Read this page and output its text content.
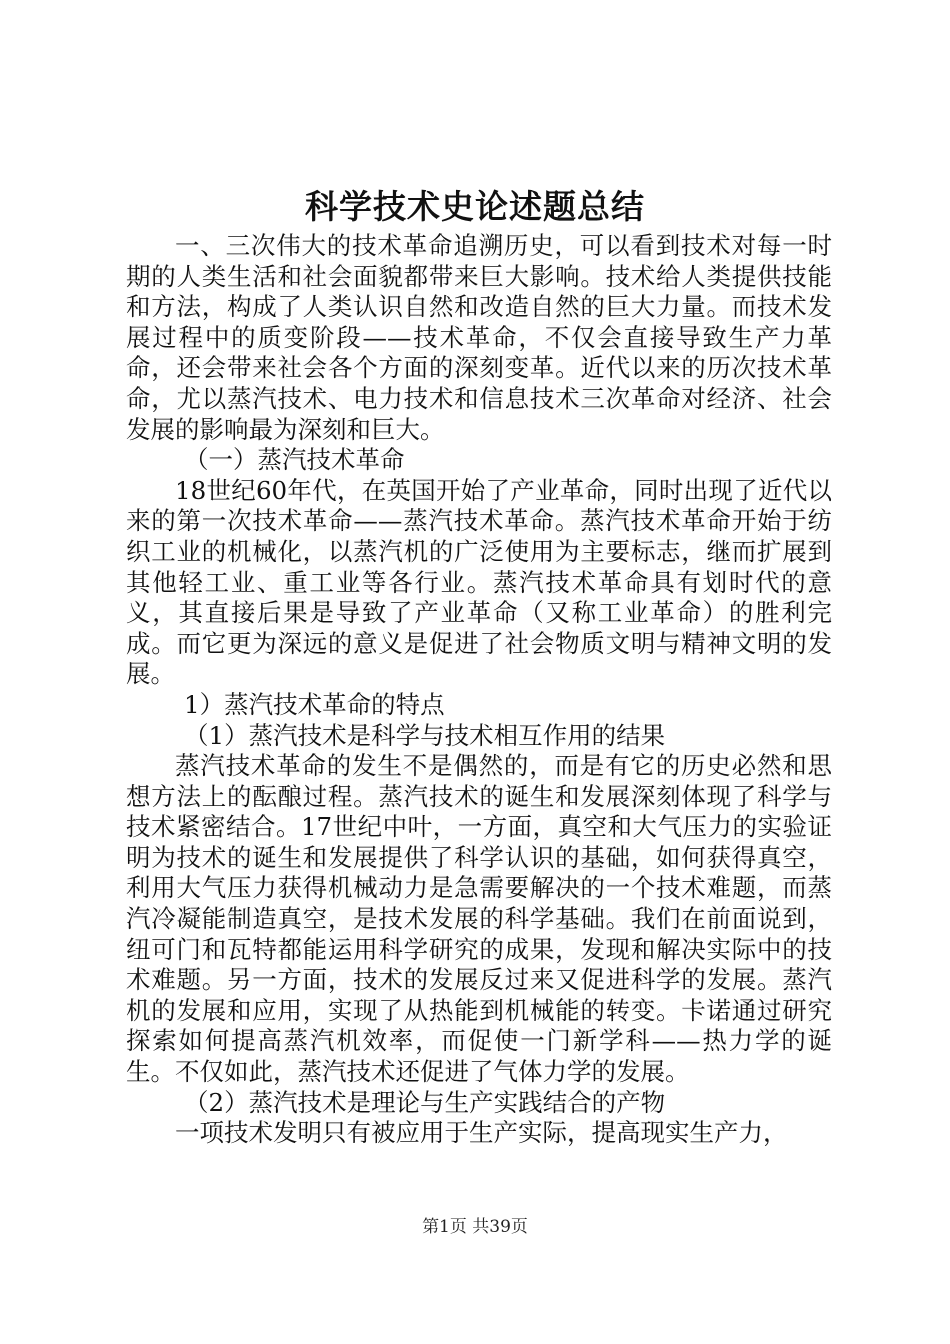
科学技术史论述题总结

一、三次伟大的技术革命追溯历史，可以看到技术对每一时期的人类生活和社会面貌都带来巨大影响。技术给人类提供技能和方法，构成了人类认识自然和改造自然的巨大力量。而技术发展过程中的质变阶段——技术革命，不仅会直接导致生产力革命，还会带来社会各个方面的深刻变革。近代以来的历次技术革命，尤以蒸汽技术、电力技术和信息技术三次革命对经济、社会发展的影响最为深刻和巨大。

（一）蒸汽技术革命

18世纪60年代，在英国开始了产业革命，同时出现了近代以来的第一次技术革命——蒸汽技术革命。蒸汽技术革命开始于纺织工业的机械化，以蒸汽机的广泛使用为主要标志，继而扩展到其他轻工业、重工业等各行业。蒸汽技术革命具有划时代的意义，其直接后果是导致了产业革命（又称工业革命）的胜利完成。而它更为深远的意义是促进了社会物质文明与精神文明的发展。

1）蒸汽技术革命的特点

（1）蒸汽技术是科学与技术相互作用的结果

蒸汽技术革命的发生不是偶然的，而是有它的历史必然和思想方法上的酝酿过程。蒸汽技术的诞生和发展深刻体现了科学与技术紧密结合。17世纪中叶，一方面，真空和大气压力的实验证明为技术的诞生和发展提供了科学认识的基础，如何获得真空，利用大气压力获得机械动力是急需要解决的一个技术难题，而蒸汽冷凝能制造真空，是技术发展的科学基础。我们在前面说到，纽可门和瓦特都能运用科学研究的成果，发现和解决实际中的技术难题。另一方面，技术的发展反过来又促进科学的发展。蒸汽机的发展和应用，实现了从热能到机械能的转变。卡诺通过研究探索如何提高蒸汽机效率，而促使一门新学科——热力学的诞生。不仅如此，蒸汽技术还促进了气体力学的发展。

（2）蒸汽技术是理论与生产实践结合的产物

一项技术发明只有被应用于生产实际，提高现实生产力，

第1页 共39页
